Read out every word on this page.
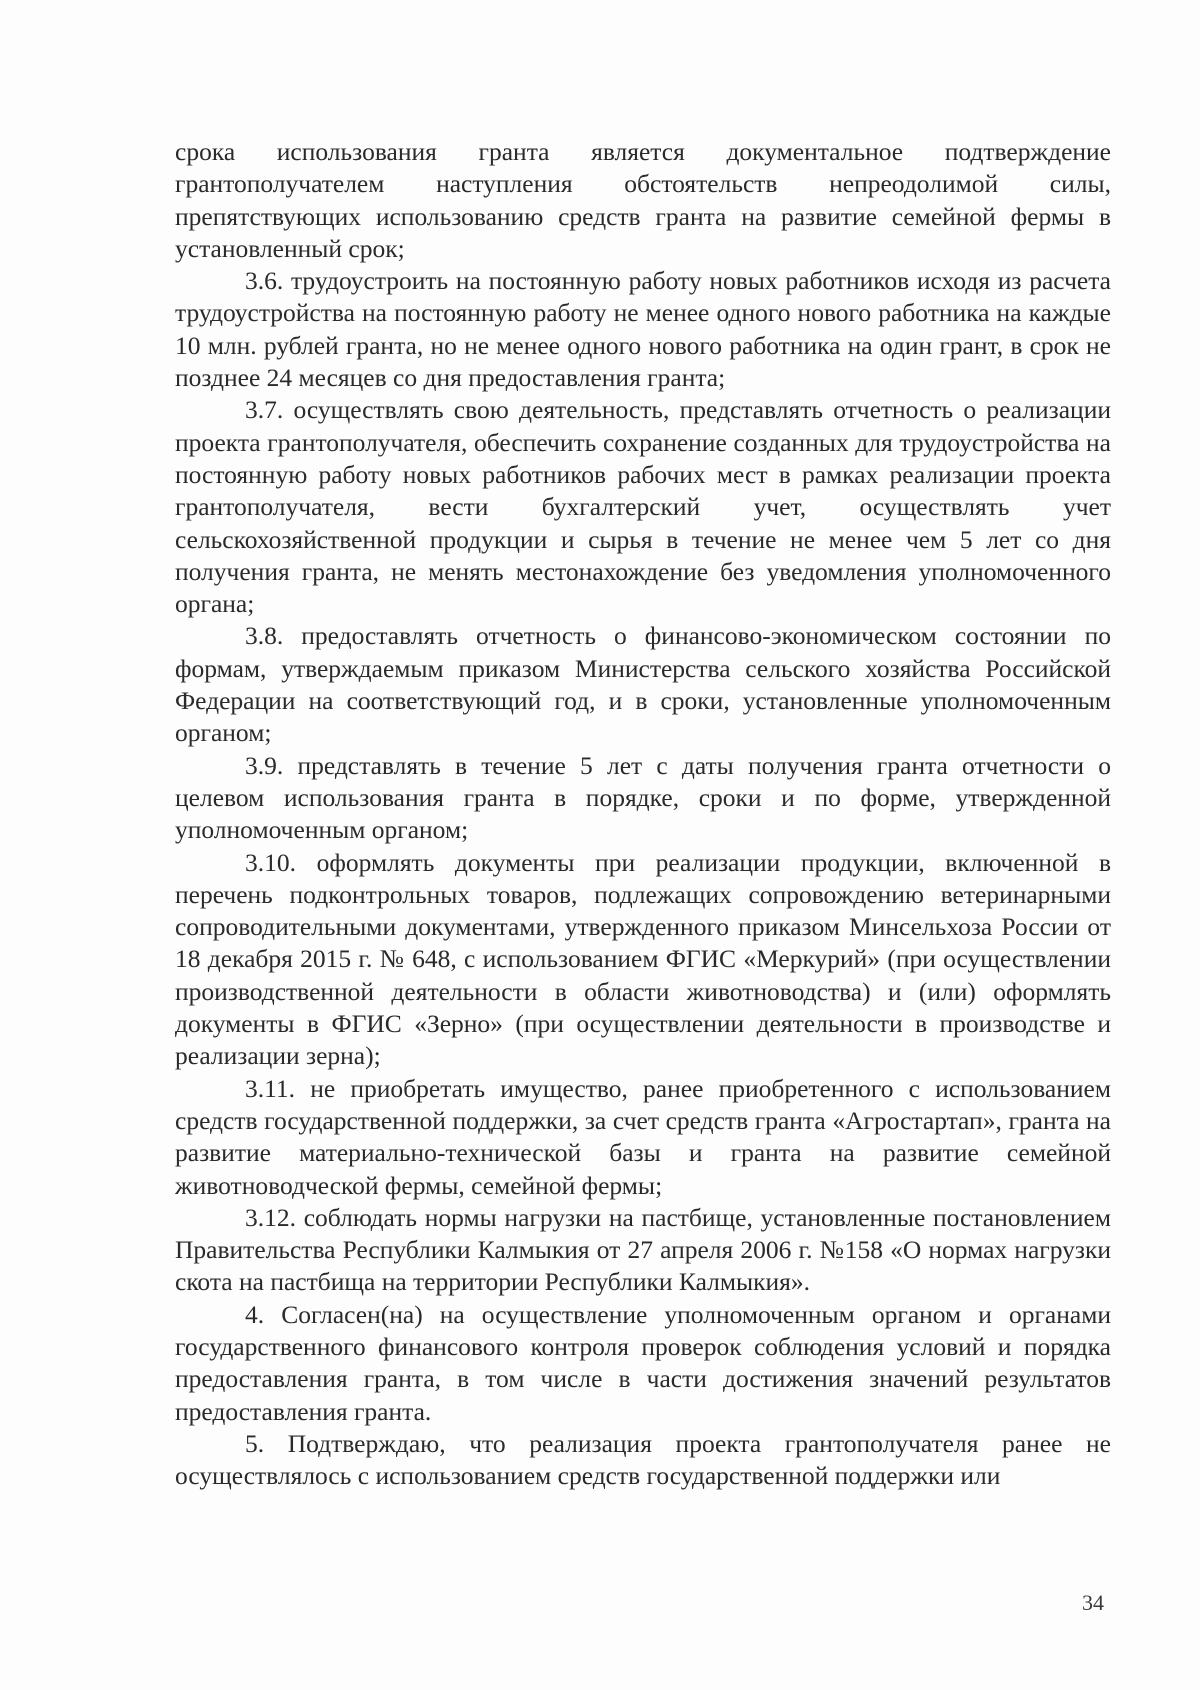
срока использования гранта является документальное подтверждение грантополучателем наступления обстоятельств непреодолимой силы, препятствующих использованию средств гранта на развитие семейной фермы в установленный срок;

3.6. трудоустроить на постоянную работу новых работников исходя из расчета трудоустройства на постоянную работу не менее одного нового работника на каждые 10 млн. рублей гранта, но не менее одного нового работника на один грант, в срок не позднее 24 месяцев со дня предоставления гранта;

3.7. осуществлять свою деятельность, представлять отчетность о реализации проекта грантополучателя, обеспечить сохранение созданных для трудоустройства на постоянную работу новых работников рабочих мест в рамках реализации проекта грантополучателя, вести бухгалтерский учет, осуществлять учет сельскохозяйственной продукции и сырья в течение не менее чем 5 лет со дня получения гранта, не менять местонахождение без уведомления уполномоченного органа;

3.8. предоставлять отчетность о финансово-экономическом состоянии по формам, утверждаемым приказом Министерства сельского хозяйства Российской Федерации на соответствующий год, и в сроки, установленные уполномоченным органом;

3.9. представлять в течение 5 лет с даты получения гранта отчетности о целевом использования гранта в порядке, сроки и по форме, утвержденной уполномоченным органом;

3.10. оформлять документы при реализации продукции, включенной в перечень подконтрольных товаров, подлежащих сопровождению ветеринарными сопроводительными документами, утвержденного приказом Минсельхоза России от 18 декабря 2015 г. № 648, с использованием ФГИС «Меркурий» (при осуществлении производственной деятельности в области животноводства) и (или) оформлять документы в ФГИС «Зерно» (при осуществлении деятельности в производстве и реализации зерна);

3.11. не приобретать имущество, ранее приобретенного с использованием средств государственной поддержки, за счет средств гранта «Агростартап», гранта на развитие материально-технической базы и гранта на развитие семейной животноводческой фермы, семейной фермы;

3.12. соблюдать нормы нагрузки на пастбище, установленные постановлением Правительства Республики Калмыкия от 27 апреля 2006 г. №158 «О нормах нагрузки скота на пастбища на территории Республики Калмыкия».

4. Согласен(на) на осуществление уполномоченным органом и органами государственного финансового контроля проверок соблюдения условий и порядка предоставления гранта, в том числе в части достижения значений результатов предоставления гранта.

5. Подтверждаю, что реализация проекта грантополучателя ранее не осуществлялось с использованием средств государственной поддержки или

34
